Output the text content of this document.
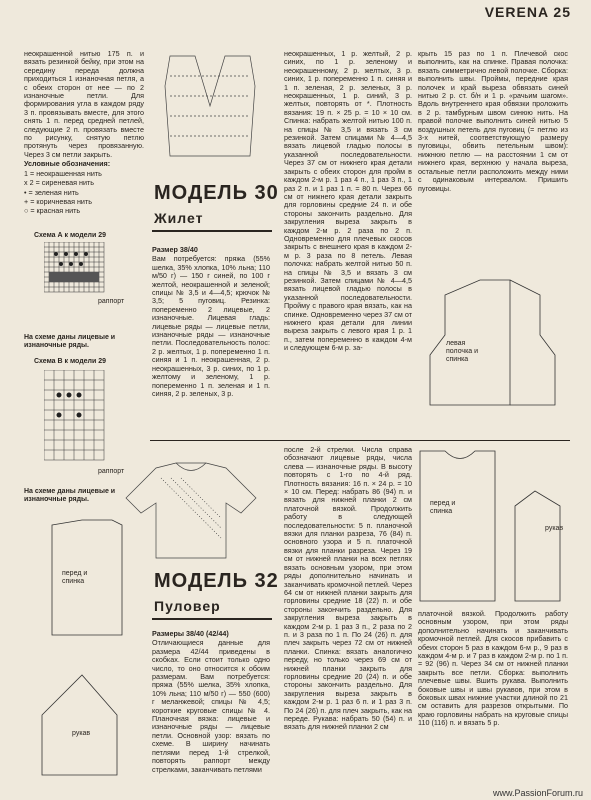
VERENA 25

неокрашенной нитью 175 п. и вязать резинкой бейку, при этом на середину переда должна приходиться 1 изнаночная петля, а с обеих сторон от нее — по 2 изнаночные петли. Для формирования угла в каждом ряду 3 п. провязывать вместе, для этого снять 1 п. перед средней петлей, следующие 2 п. провязать вместе по рисунку, снятую петлю протянуть через провязанную. Через 3 см петли закрыть.

Условные обозначения:

1 = неокрашенная нить

x 2 = сиреневая нить

• = зеленая нить

+ = коричневая нить

○ = красная нить

Схема А к модели 29
раппорт
На схеме даны лицевые и изнаночные ряды.
Схема В к модели 29
раппорт
На схеме даны лицевые и изнаночные ряды.
МОДЕЛЬ 30
Жилет

Размер 38/40

Вам потребуется: пряжа (55% шелка, 35% хлопка, 10% льна; 110 м/50 г) — 150 г синей, по 100 г желтой, неокрашенной и зеленой; спицы № 3,5 и 4—4,5; крючок № 3,5; 5 пуговиц. Резинка: попеременно 2 лицевые, 2 изнаночные. Лицевая гладь: лицевые ряды — лицевые петли, изнаночные ряды — изнаночные петли. Последовательность полос: 2 р. желтых, 1 р. попеременно 1 п. синяя и 1 п. неокрашенная, 2 р. неокрашенных, 3 р. синих, по 1 р. желтому и зеленому, 1 р. попеременно 1 п. зеленая и 1 п. синяя, 2 р. зеленых, 3 р.

неокрашенных, 1 р. желтый, 2 р. синих, по 1 р. зеленому и неокрашенному, 2 р. желтых, 3 р. синих, 1 р. попеременно 1 п. синяя и 1 п. зеленая, 2 р. зеленых, 3 р. неокрашенных, 1 р. синий, 3 р. желтых, повторять от *. Плотность вязания: 19 п. × 25 р. = 10 × 10 см. Спинка: набрать желтой нитью 100 п. на спицы № 3,5 и вязать 3 см резинкой. Затем спицами № 4—4,5 вязать лицевой гладью полосы в указанной последовательности. Через 37 см от нижнего края детали закрыть с обеих сторон для пройм в каждом 2-м р. 1 раз 4 п., 1 раз 3 п., 1 раз 2 п. и 1 раз 1 п. = 80 п. Через 66 см от нижнего края детали закрыть для горловины средние 24 п. и обе стороны закончить раздельно. Для закругления выреза закрыть в каждом 2-м р. 2 раза по 2 п. Одновременно для плечевых скосов закрыть с внешнего края в каждом 2-м р. 3 раза по 8 петель. Левая полочка: набрать желтой нитью 50 п. на спицы № 3,5 и вязать 3 см резинкой. Затем спицами № 4—4,5 вязать лицевой гладью полосы в указанной последовательности. Пройму с правого края вязать, как на спинке. Одновременно через 37 см от нижнего края детали для линии выреза закрыть с левого края 1 р. 1 п., затем попеременно в каждом 4-м и следующем 6-м р. за-

крыть 15 раз по 1 п. Плечевой скос выполнить, как на спинке. Правая полочка: вязать симметрично левой полочке. Сборка: выполнить швы. Проймы, передние края полочек и край выреза обвязать синей нитью 2 р. ст. б/н и 1 р. «рачьим шагом». Вдоль внутреннего края обвязки проложить в 2 р. тамбурным швом синюю нить. На правой полочке выполнить синей нитью 5 воздушных петель для пуговиц (= петлю из 3-х нитей, соответствующую размеру пуговицы, обвить петельным швом): нижнюю петлю — на расстоянии 1 см от нижнего края, верхнюю у начала выреза, остальные петли расположить между ними с одинаковым интервалом. Пришить пуговицы.

левая полочка и спинка
МОДЕЛЬ 32
Пуловер

Размеры 38/40 (42/44)

Отличающиеся данные для размера 42/44 приведены в скобках. Если стоит только одно число, то оно относится к обоим размерам. Вам потребуется: пряжа (55% шелка, 35% хлопка, 10% льна; 110 м/50 г) — 550 (600) г меланжевой; спицы № 4,5; короткие круговые спицы № 4. Планочная вязка: лицевые и изнаночные ряды — лицевые петли. Основной узор: вязать по схеме. В ширину начинать петлями перед 1-й стрелкой, повторять раппорт между стрелками, заканчивать петлями

после 2-й стрелки. Числа справа обозначают лицевые ряды, числа слева — изнаночные ряды. В высоту повторять с 1-го по 4-й ряд. Плотность вязания: 16 п. × 24 р. = 10 × 10 см. Перед: набрать 86 (94) п. и вязать для нижней планки 2 см платочной вязкой. Продолжить работу в следующей последовательности: 5 п. планочной вязки для планки разреза, 76 (84) п. основного узора и 5 п. платочной вязки для планки разреза. Через 19 см от нижней планки на всех петлях вязать основным узором, при этом ряды дополнительно начинать и заканчивать кромочной петлей. Через 64 см от нижней планки закрыть для горловины средние 18 (22) п. и обе стороны закончить раздельно. Для закругления выреза закрыть в каждом 2-м р. 1 раз 3 п., 2 раза по 2 п. и 3 раза по 1 п. По 24 (26) п. для плеч закрыть через 72 см от нижней планки. Спинка: вязать аналогично переду, но только через 69 см от нижней планки закрыть для горловины средние 20 (24) п. и обе стороны закончить раздельно. Для закругления выреза закрыть в каждом 2-м р. 1 раз 6 п. и 1 раз 3 п. По 24 (26) п. для плеч закрыть, как на переде. Рукава: набрать 50 (54) п. и вязать для нижней планки 2 см

платочной вязкой. Продолжить работу основным узором, при этом ряды дополнительно начинать и заканчивать кромочной петлей. Для скосов прибавить с обеих сторон 5 раз в каждом 6-м р., 9 раз в каждом 4-м р. и 7 раз в каждом 2-м р. по 1 п. = 92 (96) п. Через 34 см от нижней планки закрыть все петли. Сборка: выполнить плечевые швы. Вшить рукава. Выполнить боковые швы и швы рукавов, при этом в боковых швах нижние участки длиной по 21 см оставить для разрезов открытыми. По краю горловины набрать на круговые спицы 110 (116) п. и вязать 5 р.

перед и спинка
рукав
перед и спинка
рукав
www.PassionForum.ru
